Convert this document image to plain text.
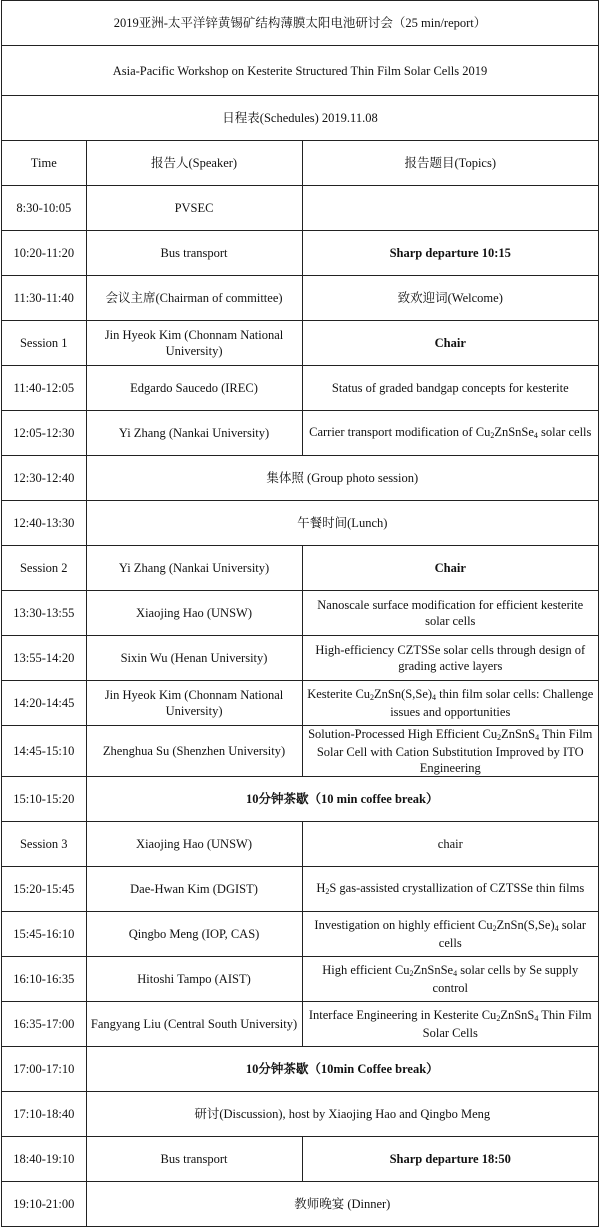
2019亚洲-太平洋锌黄锡矿结构薄膜太阳电池研讨会（25 min/report）		
Asia-Pacific Workshop on Kesterite Structured Thin Film Solar Cells 2019		
日程表(Schedules) 2019.11.08		
Time	报告人(Speaker)	报告题目(Topics)
8:30-10:05	PVSEC	
10:20-11:20	Bus transport	Sharp departure 10:15
11:30-11:40	会议主席(Chairman of committee)	致欢迎词(Welcome)
Session 1	Jin Hyeok Kim (Chonnam National University)	Chair
11:40-12:05	Edgardo Saucedo (IREC)	Status of graded bandgap concepts for kesterite
12:05-12:30	Yi Zhang (Nankai University)	Carrier transport modification of $Cu_2ZnSnSe_4$ solar cells
12:30-12:40	集体照 (Group photo session)	
12:40-13:30	午餐时间(Lunch)	
Session 2	Yi Zhang (Nankai University)	Chair
13:30-13:55	Xiaojing Hao (UNSW)	Nanoscale surface modification for efficient kesterite solar cells
13:55-14:20	Sixin Wu (Henan University)	High-efficiency CZTSSe solar cells through design of grading active layers
14:20-14:45	Jin Hyeok Kim (Chonnam National University)	Kesterite $Cu_2ZnSn(S,Se)_4$ thin film solar cells: Challenge issues and opportunities
14:45-15:10	Zhenghua Su (Shenzhen University)	Solution-Processed High Efficient $Cu_2ZnSnS_4$ Thin Film Solar Cell with Cation Substitution Improved by ITO Engineering
15:10-15:20	10分钟茶歇（10 min coffee break）	
Session 3	Xiaojing Hao (UNSW)	chair
15:20-15:45	Dae-Hwan Kim (DGIST)	$H_2S$ gas-assisted crystallization of CZTSSe thin films
15:45-16:10	Qingbo Meng (IOP, CAS)	Investigation on highly efficient $Cu_2ZnSn(S,Se)_4$ solar cells
16:10-16:35	Hitoshi Tampo (AIST)	High efficient $Cu_2ZnSnSe_4$ solar cells by Se supply control
16:35-17:00	Fangyang Liu (Central South University)	Interface Engineering in Kesterite $Cu_2ZnSnS_4$ Thin Film Solar Cells
17:00-17:10	10分钟茶歇（10min Coffee break）	
17:10-18:40	研讨(Discussion), host by Xiaojing Hao and Qingbo Meng	
18:40-19:10	Bus transport	Sharp departure 18:50
19:10-21:00	教师晚宴 (Dinner)	
